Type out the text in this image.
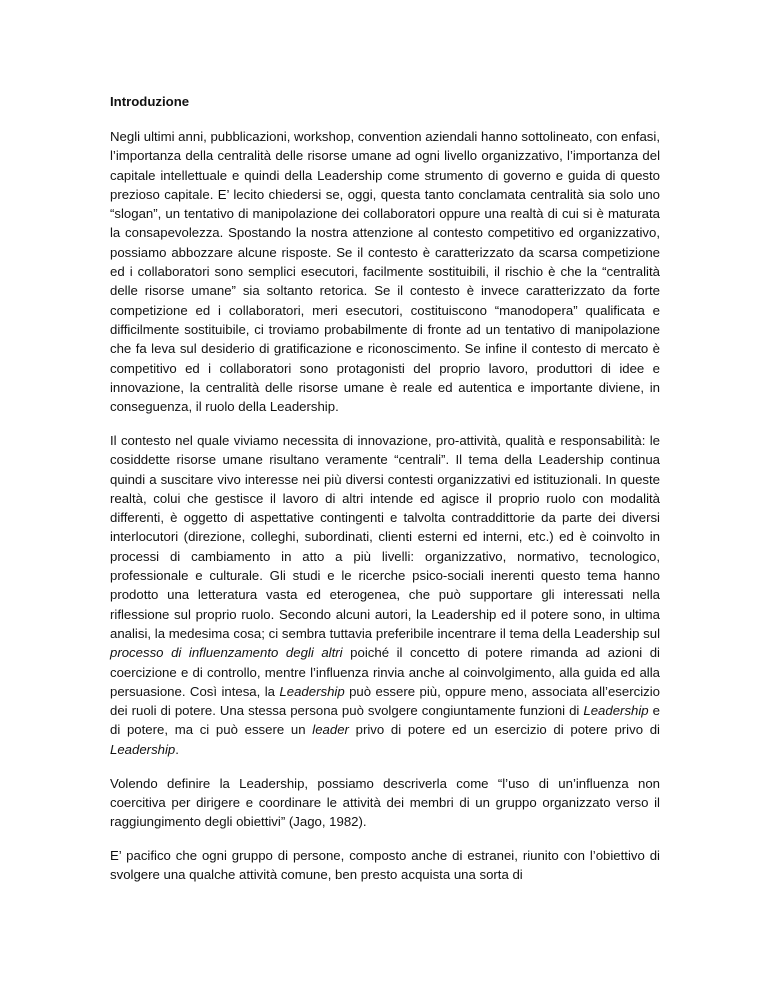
Introduzione

Negli ultimi anni, pubblicazioni, workshop, convention aziendali hanno sottolineato, con enfasi, l’importanza della centralità delle risorse umane ad ogni livello organizzativo, l’importanza del capitale intellettuale e quindi della Leadership come strumento di governo e guida di questo prezioso capitale. E’ lecito chiedersi se, oggi, questa tanto conclamata centralità sia solo uno “slogan”, un tentativo di manipolazione dei collaboratori oppure una realtà di cui si è maturata la consapevolezza. Spostando la nostra attenzione al contesto competitivo ed organizzativo, possiamo abbozzare alcune risposte. Se il contesto è caratterizzato da scarsa competizione ed i collaboratori sono semplici esecutori, facilmente sostituibili, il rischio è che la “centralità delle risorse umane” sia soltanto retorica. Se il contesto è invece caratterizzato da forte competizione ed i collaboratori, meri esecutori, costituiscono “manodopera” qualificata e difficilmente sostituibile, ci troviamo probabilmente di fronte ad un tentativo di manipolazione che fa leva sul desiderio di gratificazione e riconoscimento. Se infine il contesto di mercato è competitivo ed i collaboratori sono protagonisti del proprio lavoro, produttori di idee e innovazione, la centralità delle risorse umane è reale ed autentica e importante diviene, in conseguenza, il ruolo della Leadership.

Il contesto nel quale viviamo necessita di innovazione, pro-attività, qualità e responsabilità: le cosiddette risorse umane risultano veramente “centrali”. Il tema della Leadership continua quindi a suscitare vivo interesse nei più diversi contesti organizzativi ed istituzionali. In queste realtà, colui che gestisce il lavoro di altri intende ed agisce il proprio ruolo con modalità differenti, è oggetto di aspettative contingenti e talvolta contraddittorie da parte dei diversi interlocutori (direzione, colleghi, subordinati, clienti esterni ed interni, etc.) ed è coinvolto in processi di cambiamento in atto a più livelli: organizzativo, normativo, tecnologico, professionale e culturale. Gli studi e le ricerche psico-sociali inerenti questo tema hanno prodotto una letteratura vasta ed eterogenea, che può supportare gli interessati nella riflessione sul proprio ruolo. Secondo alcuni autori, la Leadership ed il potere sono, in ultima analisi, la medesima cosa; ci sembra tuttavia preferibile incentrare il tema della Leadership sul processo di influenzamento degli altri poiché il concetto di potere rimanda ad azioni di coercizione e di controllo, mentre l’influenza rinvia anche al coinvolgimento, alla guida ed alla persuasione. Così intesa, la Leadership può essere più, oppure meno, associata all’esercizio dei ruoli di potere. Una stessa persona può svolgere congiuntamente funzioni di Leadership e di potere, ma ci può essere un leader privo di potere ed un esercizio di potere privo di Leadership.

Volendo definire la Leadership, possiamo descriverla come “l’uso di un’influenza non coercitiva per dirigere e coordinare le attività dei membri di un gruppo organizzato verso il raggiungimento degli obiettivi” (Jago, 1982).

E’ pacifico che ogni gruppo di persone, composto anche di estranei, riunito con l’obiettivo di svolgere una qualche attività comune, ben presto acquista una sorta di
